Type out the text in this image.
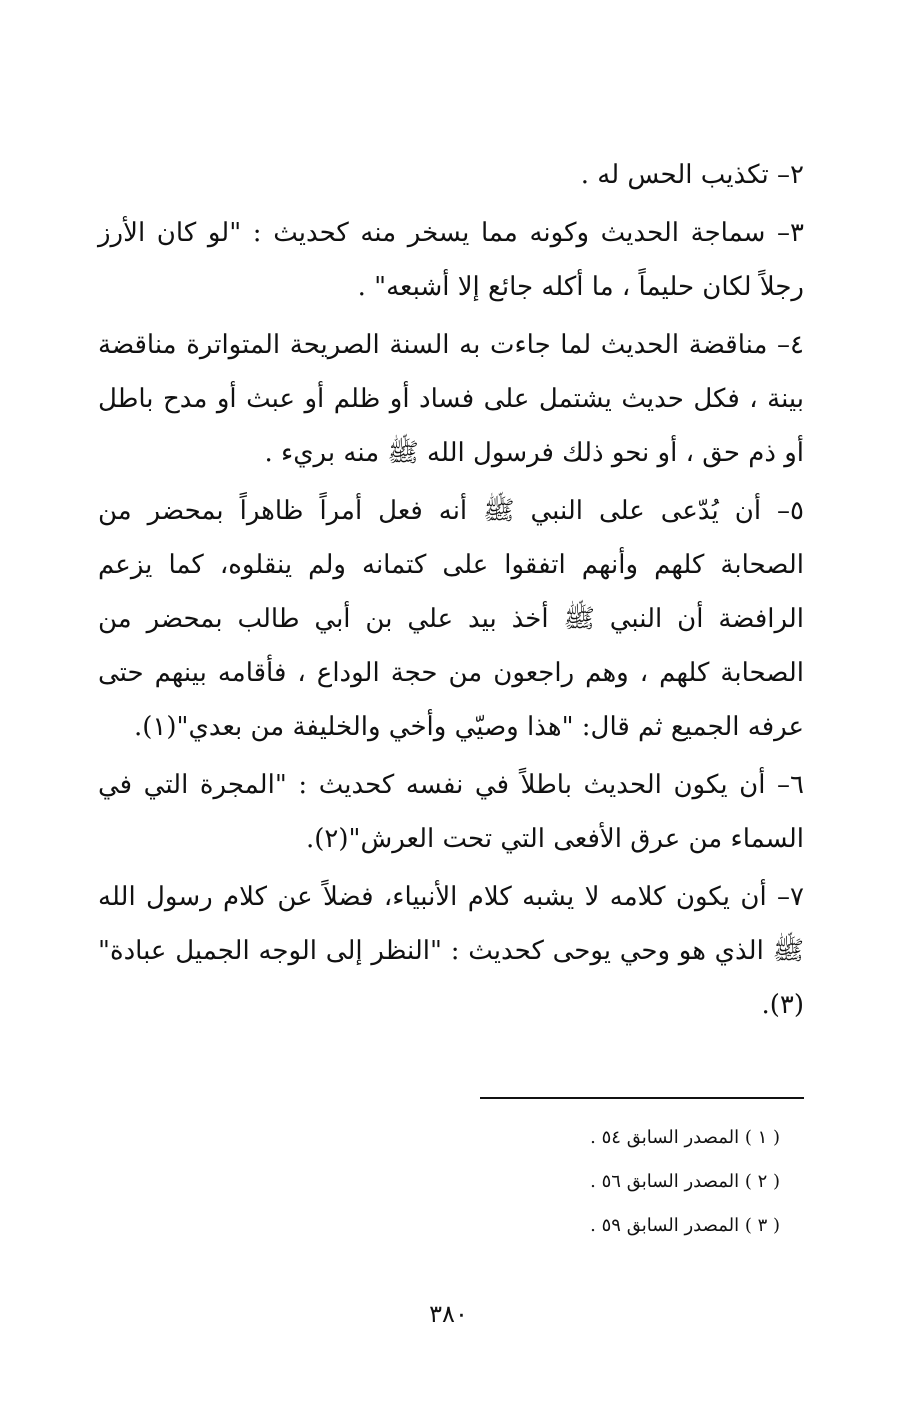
٢– تكذيب الحس له .

٣– سماجة الحديث وكونه مما يسخر منه كحديث : "لو كان الأرز رجلاً لكان حليماً ، ما أكله جائع إلا أشبعه" .

٤– مناقضة الحديث لما جاءت به السنة الصريحة المتواترة مناقضة بينة ، فكل حديث يشتمل على فساد أو ظلم أو عبث أو مدح باطل أو ذم حق ، أو نحو ذلك فرسول الله ﷺ منه بريء .

٥– أن يُدّعى على النبي ﷺ أنه فعل أمراً ظاهراً بمحضر من الصحابة كلهم وأنهم اتفقوا على كتمانه ولم ينقلوه، كما يزعم الرافضة أن النبي ﷺ أخذ بيد علي بن أبي طالب بمحضر من الصحابة كلهم ، وهم راجعون من حجة الوداع ، فأقامه بينهم حتى عرفه الجميع ثم قال: "هذا وصيّي وأخي والخليفة من بعدي"(١).

٦– أن يكون الحديث باطلاً في نفسه كحديث : "المجرة التي في السماء من عرق الأفعى التي تحت العرش"(٢).

٧– أن يكون كلامه لا يشبه كلام الأنبياء، فضلاً عن كلام رسول الله ﷺ الذي هو وحي يوحى كحديث : "النظر إلى الوجه الجميل عبادة"(٣).

( ١ ) المصدر السابق ٥٤ .

( ٢ ) المصدر السابق ٥٦ .

( ٣ ) المصدر السابق ٥٩ .

٣٨٠
